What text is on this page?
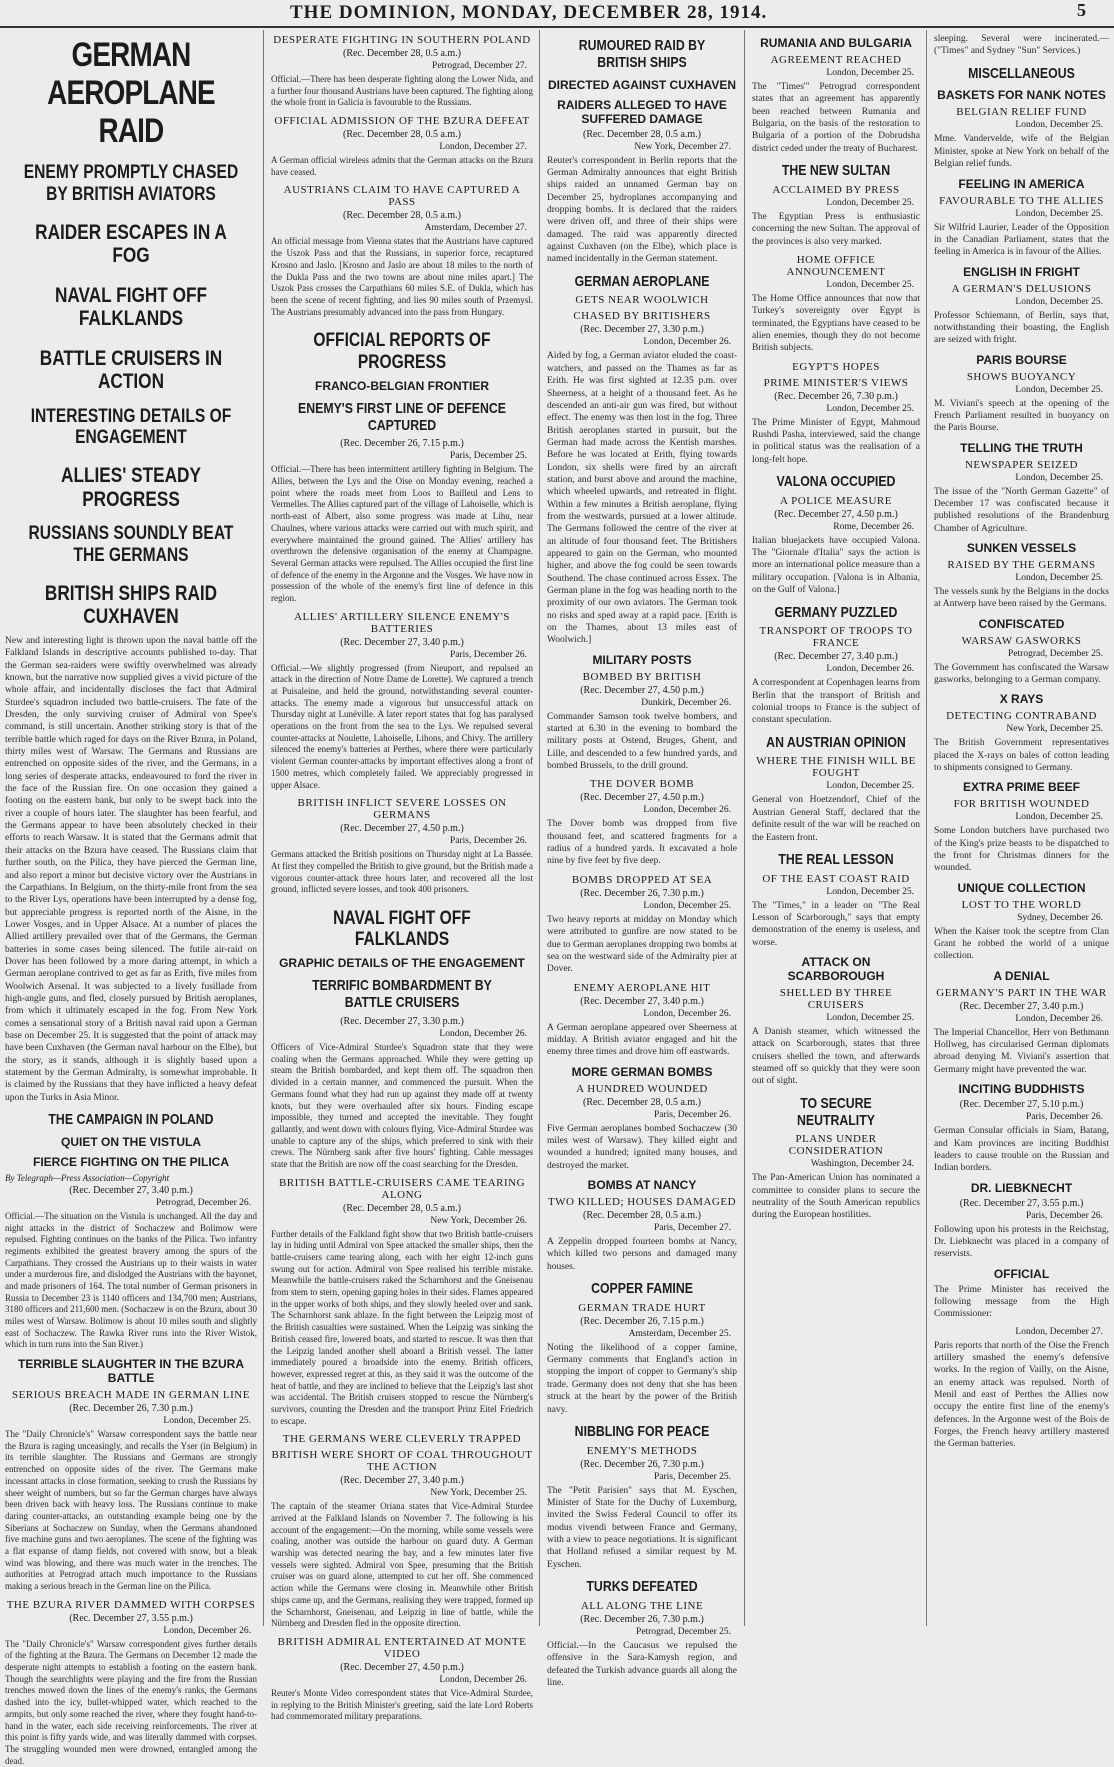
THE DOMINION, MONDAY, DECEMBER 28, 1914.	5
GERMAN AEROPLANE RAID
ENEMY PROMPTLY CHASED BY BRITISH AVIATORS
RAIDER ESCAPES IN A FOG
NAVAL FIGHT OFF FALKLANDS
BATTLE CRUISERS IN ACTION
INTERESTING DETAILS OF ENGAGEMENT
ALLIES' STEADY PROGRESS
RUSSIANS SOUNDLY BEAT THE GERMANS
BRITISH SHIPS RAID CUXHAVEN
New and interesting light is thrown upon the naval battle off the Falkland Islands in descriptive accounts published to-day. That the German sea-raiders were swiftly overwhelmed was already known, but the narrative now supplied gives a vivid picture of the whole affair, and incidentally discloses the fact that Admiral Sturdee's squadron included two battle-cruisers. The fate of the Dresden, the only surviving cruiser of Admiral von Spee's command, is still uncertain. Another striking story is that of the terrible battle which raged for days on the River Bzura, in Poland, thirty miles west of Warsaw. The Germans and Russians are entrenched on opposite sides of the river, and the Germans, in a long series of desperate attacks, endeavoured to ford the river in the face of the Russian fire. On one occasion they gained a footing on the eastern bank, but only to be swept back into the river a couple of hours later. The slaughter has been fearful, and the Germans appear to have been absolutely checked in their efforts to reach Warsaw. It is stated that the Germans admit that their attacks on the Bzura have ceased. The Russians claim that further south, on the Pilica, they have pierced the German line, and also report a minor but decisive victory over the Austrians in the Carpathians. In Belgium, on the thirty-mile front from the sea to the River Lys, operations have been interrupted by a dense fog, but appreciable progress is reported north of the Aisne, in the Lower Vosges, and in Upper Alsace. At a number of places the Allied artillery prevailed over that of the Germans, the German batteries in some cases being silenced. The futile air-raid on Dover has been followed by a more daring attempt, in which a German aeroplane contrived to get as far as Erith, five miles from Woolwich Arsenal. It was subjected to a lively fusillade from high-angle guns, and fled, closely pursued by British aeroplanes, from which it ultimately escaped in the fog. From New York comes a sensational story of a British naval raid upon a German base on December 25. It is suggested that the point of attack may have been Cuxhaven (the German naval harbour on the Elbe), but the story, as it stands, although it is slightly based upon a statement by the German Admiralty, is somewhat improbable. It is claimed by the Russians that they have inflicted a heavy defeat upon the Turks in Asia Minor.
THE CAMPAIGN IN POLAND
QUIET ON THE VISTULA
FIERCE FIGHTING ON THE PILICA
By Telegraph—Press Association—Copyright
(Rec. December 27, 3.40 p.m.)
Petrograd, December 26.
Official.—The situation on the Vistula is unchanged. All the day and night attacks in the district of Sochaczew and Bolimow were repulsed. Fighting continues on the banks of the Pilica. Two infantry regiments exhibited the greatest bravery among the spurs of the Carpathians. They crossed the Austrians up to their waists in water under a murderous fire, and dislodged the Austrians with the bayonet, and made prisoners of 164. The total number of German prisoners in Russia to December 23 is 1140 officers and 134,700 men; Austrians, 3180 officers and 211,600 men. (Sochaczew is on the Bzura, about 30 miles west of Warsaw. Bolimow is about 10 miles south and slightly east of Sochaczew. The Rawka River runs into the River Wistok, which in turn runs into the San River.)
TERRIBLE SLAUGHTER IN THE BZURA BATTLE
SERIOUS BREACH MADE IN GERMAN LINE
(Rec. December 26, 7.30 p.m.)
London, December 25.
The "Daily Chronicle's" Warsaw correspondent says the battle near the Bzura is raging unceasingly, and recalls the Yser (in Belgium) in its terrible slaughter. The Russians and Germans are strongly entrenched on opposite sides of the river. The Germans make incessant attacks in close formation, seeking to crush the Russians by sheer weight of numbers, but so far the German charges have always been driven back with heavy loss. The Russians continue to make daring counter-attacks, an outstanding example being one by the Siberians at Sochaczew on Sunday, when the Germans abandoned five machine guns and two aeroplanes. The scene of the fighting was a flat expanse of damp fields, not covered with snow, but a bleak wind was blowing, and there was much water in the trenches. The authorities at Petrograd attach much importance to the Russians making a serious breach in the German line on the Pilica.
THE BZURA RIVER DAMMED WITH CORPSES
(Rec. December 27, 3.55 p.m.)
London, December 26.
The "Daily Chronicle's" Warsaw correspondent gives further details of the fighting at the Bzura. The Germans on December 12 made the desperate night attempts to establish a footing on the eastern bank. Though the searchlights were playing and the fire from the Russian trenches mowed down the lines of the enemy's ranks, the Germans dashed into the icy, bullet-whipped water, which reached to the armpits, but only some reached the river, where they fought hand-to-hand in the water, each side receiving reinforcements. The river at this point is fifty yards wide, and was literally dammed with corpses. The struggling wounded men were drowned, entangled among the dead.
DESPERATE FIGHTING IN SOUTHERN POLAND
(Rec. December 28, 0.5 a.m.)
Petrograd, December 27.
Official.—There has been desperate fighting along the Lower Nida, and a further four thousand Austrians have been captured. The fighting along the whole front in Galicia is favourable to the Russians.
OFFICIAL ADMISSION OF THE BZURA DEFEAT
(Rec. December 28, 0.5 a.m.)
London, December 27.
A German official wireless admits that the German attacks on the Bzura have ceased.
AUSTRIANS CLAIM TO HAVE CAPTURED A PASS
(Rec. December 28, 0.5 a.m.)
Amsterdam, December 27.
An official message from Vienna states that the Austrians have captured the Uszok Pass and that the Russians, in superior force, recaptured Krosno and Jaslo. [Krosno and Jaslo are about 18 miles to the north of the Dukla Pass and the two towns are about nine miles apart.] The Uszok Pass crosses the Carpathians 60 miles S.E. of Dukla, which has been the scene of recent fighting, and lies 90 miles south of Przemysl. The Austrians presumably advanced into the pass from Hungary.
OFFICIAL REPORTS OF PROGRESS
FRANCO-BELGIAN FRONTIER
ENEMY'S FIRST LINE OF DEFENCE CAPTURED
(Rec. December 26, 7.15 p.m.)
Paris, December 25.
Official.—There has been intermittent artillery fighting in Belgium. The Allies, between the Lys and the Oise on Monday evening, reached a point where the roads meet from Loos to Bailleul and Lens to Vermelles. The Allies captured part of the village of Lahoiselle, which is north-east of Albert, also some progress was made at Lihu, near Chaulnes, where various attacks were carried out with much spirit, and everywhere maintained the ground gained. The Allies' artillery has overthrown the defensive organisation of the enemy at Champagne. Several German attacks were repulsed. The Allies occupied the first line of defence of the enemy in the Argonne and the Vosges. We have now in possession of the whole of the enemy's first line of defence in this region.
ALLIES' ARTILLERY SILENCE ENEMY'S BATTERIES
(Rec. December 27, 3.40 p.m.)
Paris, December 26.
Official.—We slightly progressed (from Nieuport, and repulsed an attack in the direction of Notre Dame de Lorette). We captured a trench at Puisaleine, and held the ground, notwithstanding several counter-attacks. The enemy made a vigorous but unsuccessful attack on Thursday night at Lunéville. A later report states that fog has paralysed operations on the front from the sea to the Lys. We repulsed several counter-attacks at Noulette, Lahoiselle, Lihons, and Chivy. The artillery silenced the enemy's batteries at Perthes, where there were particularly violent German counter-attacks by important effectives along a front of 1500 metres, which completely failed. We appreciably progressed in upper Alsace.
BRITISH INFLICT SEVERE LOSSES ON GERMANS
(Rec. December 27, 4.50 p.m.)
Paris, December 26.
Germans attacked the British positions on Thursday night at La Bassée. At first they compelled the British to give ground, but the British made a vigorous counter-attack three hours later, and recovered all the lost ground, inflicted severe losses, and took 400 prisoners.
NAVAL FIGHT OFF FALKLANDS
GRAPHIC DETAILS OF THE ENGAGEMENT
TERRIFIC BOMBARDMENT BY BATTLE CRUISERS
(Rec. December 27, 3.30 p.m.)
London, December 26.
Officers of Vice-Admiral Sturdee's Squadron state that they were coaling when the Germans approached. While they were getting up steam the British bombarded, and kept them off. The squadron then divided in a certain manner, and commenced the pursuit. When the Germans found what they had run up against they made off at twenty knots, but they were overhauled after six hours. Finding escape impossible, they turned and accepted the inevitable. They fought gallantly, and went down with colours flying. Vice-Admiral Sturdee was unable to capture any of the ships, which preferred to sink with their crews. The Nürnberg sank after five hours' fighting. Cable messages state that the British are now off the coast searching for the Dresden.
BRITISH BATTLE-CRUISERS CAME TEARING ALONG
(Rec. December 28, 0.5 a.m.)
New York, December 26.
Further details of the Falkland fight show that two British battle-cruisers lay in hiding until Admiral von Spee attacked the smaller ships, then the battle-cruisers came tearing along, each with her eight 12-inch guns swung out for action. Admiral von Spee realised his terrible mistake. Meanwhile the battle-cruisers raked the Scharnhorst and the Gneisenau from stem to stern, opening gaping holes in their sides. Flames appeared in the upper works of both ships, and they slowly heeled over and sank. The Scharnhorst sank ablaze. In the fight between the Leipzig most of the British casualties were sustained. When the Leipzig was sinking the British ceased fire, lowered boats, and started to rescue. It was then that the Leipzig landed another shell aboard a British vessel. The latter immediately poured a broadside into the enemy. British officers, however, expressed regret at this, as they said it was the outcome of the heat of battle, and they are inclined to believe that the Leipzig's last shot was accidental. The British cruisers stopped to rescue the Nürnberg's survivors, counting the Dresden and the transport Prinz Eitel Friedrich to escape.
THE GERMANS WERE CLEVERLY TRAPPED
BRITISH WERE SHORT OF COAL THROUGHOUT THE ACTION
(Rec. December 27, 3.40 p.m.)
New York, December 25.
The captain of the steamer Oriana states that Vice-Admiral Sturdee arrived at the Falkland Islands on November 7. The following is his account of the engagement:—On the morning, while some vessels were coaling, another was outside the harbour on guard duty. A German warship was detected nearing the bay, and a few minutes later five vessels were sighted. Admiral von Spee, presuming that the British cruiser was on guard alone, attempted to cut her off. She commenced action while the Germans were closing in. Meanwhile other British ships came up, and the Germans, realising they were trapped, formed up the Scharnhorst, Gneisenau, and Leipzig in line of battle, while the Nürnberg and Dresden fled in the opposite direction.
BRITISH ADMIRAL ENTERTAINED AT MONTE VIDEO
(Rec. December 27, 4.50 p.m.)
London, December 26.
Reuter's Monte Video correspondent states that Vice-Admiral Sturdee, in replying to the British Minister's greeting, said the late Lord Roberts had commemorated military preparations.
RUMOURED RAID BY BRITISH SHIPS
DIRECTED AGAINST CUXHAVEN
RAIDERS ALLEGED TO HAVE SUFFERED DAMAGE
(Rec. December 28, 0.5 a.m.)
New York, December 27.
Reuter's correspondent in Berlin reports that the German Admiralty announces that eight British ships raided an unnamed German bay on December 25, hydroplanes accompanying and dropping bombs. It is declared that the raiders were driven off, and three of their ships were damaged. The raid was apparently directed against Cuxhaven (on the Elbe), which place is named incidentally in the German statement.
GERMAN AEROPLANE
GETS NEAR WOOLWICH
CHASED BY BRITISHERS
(Rec. December 27, 3.30 p.m.)
London, December 26.
Aided by fog, a German aviator eluded the coast-watchers, and passed on the Thames as far as Erith. He was first sighted at 12.35 p.m. over Sheerness, at a height of a thousand feet. As he descended an anti-air gun was fired, but without effect. The enemy was then lost in the fog. Three British aeroplanes started in pursuit, but the German had made across the Kentish marshes. Before he was located at Erith, flying towards London, six shells were fired by an aircraft station, and burst above and around the machine, which wheeled upwards, and retreated in flight. Within a few minutes a British aeroplane, flying from the westwards, pursued at a lower altitude. The Germans followed the centre of the river at an altitude of four thousand feet. The Britishers appeared to gain on the German, who mounted higher, and above the fog could be seen towards Southend. The chase continued across Essex. The German plane in the fog was heading north to the proximity of our own aviators. The German took no risks and sped away at a rapid pace. [Erith is on the Thames, about 13 miles east of Woolwich.]
MILITARY POSTS
BOMBED BY BRITISH
(Rec. December 27, 4.50 p.m.)
Dunkirk, December 26.
Commander Samson took twelve bombers, and started at 6.30 in the evening to bombard the military posts at Ostend, Bruges, Ghent, and Lille, and descended to a few hundred yards, and bombed Brussels, to the drill ground.
THE DOVER BOMB
(Rec. December 27, 4.50 p.m.)
London, December 26.
The Dover bomb was dropped from five thousand feet, and scattered fragments for a radius of a hundred yards. It excavated a hole nine by five feet by five deep.
BOMBS DROPPED AT SEA
(Rec. December 26, 7.30 p.m.)
London, December 25.
Two heavy reports at midday on Monday which were attributed to gunfire are now stated to be due to German aeroplanes dropping two bombs at sea on the westward side of the Admiralty pier at Dover.
ENEMY AEROPLANE HIT
(Rec. December 27, 3.40 p.m.)
London, December 26.
A German aeroplane appeared over Sheerness at midday. A British aviator engaged and hit the enemy three times and drove him off eastwards.
MORE GERMAN BOMBS
A HUNDRED WOUNDED
(Rec. December 28, 0.5 a.m.)
Paris, December 26.
Five German aeroplanes bombed Sochaczew (30 miles west of Warsaw). They killed eight and wounded a hundred; ignited many houses, and destroyed the market.
BOMBS AT NANCY
TWO KILLED; HOUSES DAMAGED
(Rec. December 28, 0.5 a.m.)
Paris, December 27.
A Zeppelin dropped fourteen bombs at Nancy, which killed two persons and damaged many houses.
COPPER FAMINE
GERMAN TRADE HURT
(Rec. December 26, 7.15 p.m.)
Amsterdam, December 25.
Noting the likelihood of a copper famine, Germany comments that England's action in stopping the import of copper to Germany's ship trade. Germany does not deny that she has been struck at the heart by the power of the British navy.
NIBBLING FOR PEACE
ENEMY'S METHODS
(Rec. December 26, 7.30 p.m.)
Paris, December 25.
The "Petit Parisien" says that M. Eyschen, Minister of State for the Duchy of Luxemburg, invited the Swiss Federal Council to offer its modus vivendi between France and Germany, with a view to peace negotiations. It is significant that Holland refused a similar request by M. Eyschen.
TURKS DEFEATED
ALL ALONG THE LINE
(Rec. December 26, 7.30 p.m.)
Petrograd, December 25.
Official.—In the Caucasus we repulsed the offensive in the Sara-Kamysh region, and defeated the Turkish advance guards all along the line.
RUMANIA AND BULGARIA
AGREEMENT REACHED
London, December 25.
The "Times'" Petrograd correspondent states that an agreement has apparently been reached between Rumania and Bulgaria, on the basis of the restoration to Bulgaria of a portion of the Dobrudsha district ceded under the treaty of Bucharest.
THE NEW SULTAN
ACCLAIMED BY PRESS
London, December 25.
The Egyptian Press is enthusiastic concerning the new Sultan. The approval of the provinces is also very marked.
HOME OFFICE ANNOUNCEMENT
London, December 25.
The Home Office announces that now that Turkey's sovereignty over Egypt is terminated, the Egyptians have ceased to be alien enemies, though they do not become British subjects.
EGYPT'S HOPES
PRIME MINISTER'S VIEWS
(Rec. December 26, 7.30 p.m.)
London, December 25.
The Prime Minister of Egypt, Mahmoud Rushdi Pasha, interviewed, said the change in political status was the realisation of a long-felt hope.
VALONA OCCUPIED
A POLICE MEASURE
(Rec. December 27, 4.50 p.m.)
Rome, December 26.
Italian bluejackets have occupied Valona. The "Giornale d'Italia" says the action is more an international police measure than a military occupation. [Valona is in Albania, on the Gulf of Valona.]
GERMANY PUZZLED
TRANSPORT OF TROOPS TO FRANCE
(Rec. December 27, 3.40 p.m.)
London, December 26.
A correspondent at Copenhagen learns from Berlin that the transport of British and colonial troops to France is the subject of constant speculation.
AN AUSTRIAN OPINION
WHERE THE FINISH WILL BE FOUGHT
London, December 25.
General von Hoetzendorf, Chief of the Austrian General Staff, declared that the definite result of the war will be reached on the Eastern front.
THE REAL LESSON
OF THE EAST COAST RAID
London, December 25.
The "Times," in a leader on "The Real Lesson of Scarborough," says that empty demonstration of the enemy is useless, and worse.
ATTACK ON SCARBOROUGH
SHELLED BY THREE CRUISERS
London, December 25.
A Danish steamer, which witnessed the attack on Scarborough, states that three cruisers shelled the town, and afterwards steamed off so quickly that they were soon out of sight.
TO SECURE NEUTRALITY
PLANS UNDER CONSIDERATION
Washington, December 24.
The Pan-American Union has nominated a committee to consider plans to secure the neutrality of the South American republics during the European hostilities.
sleeping. Several were incinerated.—("Times" and Sydney "Sun" Services.)
MISCELLANEOUS
BASKETS FOR NANK NOTES
BELGIAN RELIEF FUND
London, December 25.
Mme. Vandervelde, wife of the Belgian Minister, spoke at New York on behalf of the Belgian relief funds.
FEELING IN AMERICA
FAVOURABLE TO THE ALLIES
London, December 25.
Sir Wilfrid Laurier, Leader of the Opposition in the Canadian Parliament, states that the feeling in America is in favour of the Allies.
ENGLISH IN FRIGHT
A GERMAN'S DELUSIONS
London, December 25.
Professor Schiemann, of Berlin, says that, notwithstanding their boasting, the English are seized with fright.
PARIS BOURSE
SHOWS BUOYANCY
London, December 25.
M. Viviani's speech at the opening of the French Parliament resulted in buoyancy on the Paris Bourse.
TELLING THE TRUTH
NEWSPAPER SEIZED
London, December 25.
The issue of the "North German Gazette" of December 17 was confiscated because it published resolutions of the Brandenburg Chamber of Agriculture.
SUNKEN VESSELS
RAISED BY THE GERMANS
London, December 25.
The vessels sunk by the Belgians in the docks at Antwerp have been raised by the Germans.
CONFISCATED
WARSAW GASWORKS
Petrograd, December 25.
The Government has confiscated the Warsaw gasworks, belonging to a German company.
X RAYS
DETECTING CONTRABAND
New York, December 25.
The British Government representatives placed the X-rays on bales of cotton leading to shipments consigned to Germany.
EXTRA PRIME BEEF
FOR BRITISH WOUNDED
London, December 25.
Some London butchers have purchased two of the King's prize beasts to be dispatched to the front for Christmas dinners for the wounded.
UNIQUE COLLECTION
LOST TO THE WORLD
Sydney, December 26.
When the Kaiser took the sceptre from Clan Grant he robbed the world of a unique collection.
A DENIAL
GERMANY'S PART IN THE WAR
(Rec. December 27, 3.40 p.m.)
London, December 26.
The Imperial Chancellor, Herr von Bethmann Hollweg, has circularised German diplomats abroad denying M. Viviani's assertion that Germany might have prevented the war.
INCITING BUDDHISTS
(Rec. December 27, 5.10 p.m.)
Paris, December 26.
German Consular officials in Siam, Batang, and Kam provinces are inciting Buddhist leaders to cause trouble on the Russian and Indian borders.
DR. LIEBKNECHT
(Rec. December 27, 3.55 p.m.)
Paris, December 26.
Following upon his protests in the Reichstag, Dr. Liebknecht was placed in a company of reservists.
OFFICIAL
The Prime Minister has received the following message from the High Commissioner:
London, December 27.
Paris reports that north of the Oise the French artillery smashed the enemy's defensive works. In the region of Vailly, on the Aisne, an enemy attack was repulsed. North of Menil and east of Perthes the Allies now occupy the entire first line of the enemy's defences. In the Argonne west of the Bois de Forges, the French heavy artillery mastered the German batteries.
